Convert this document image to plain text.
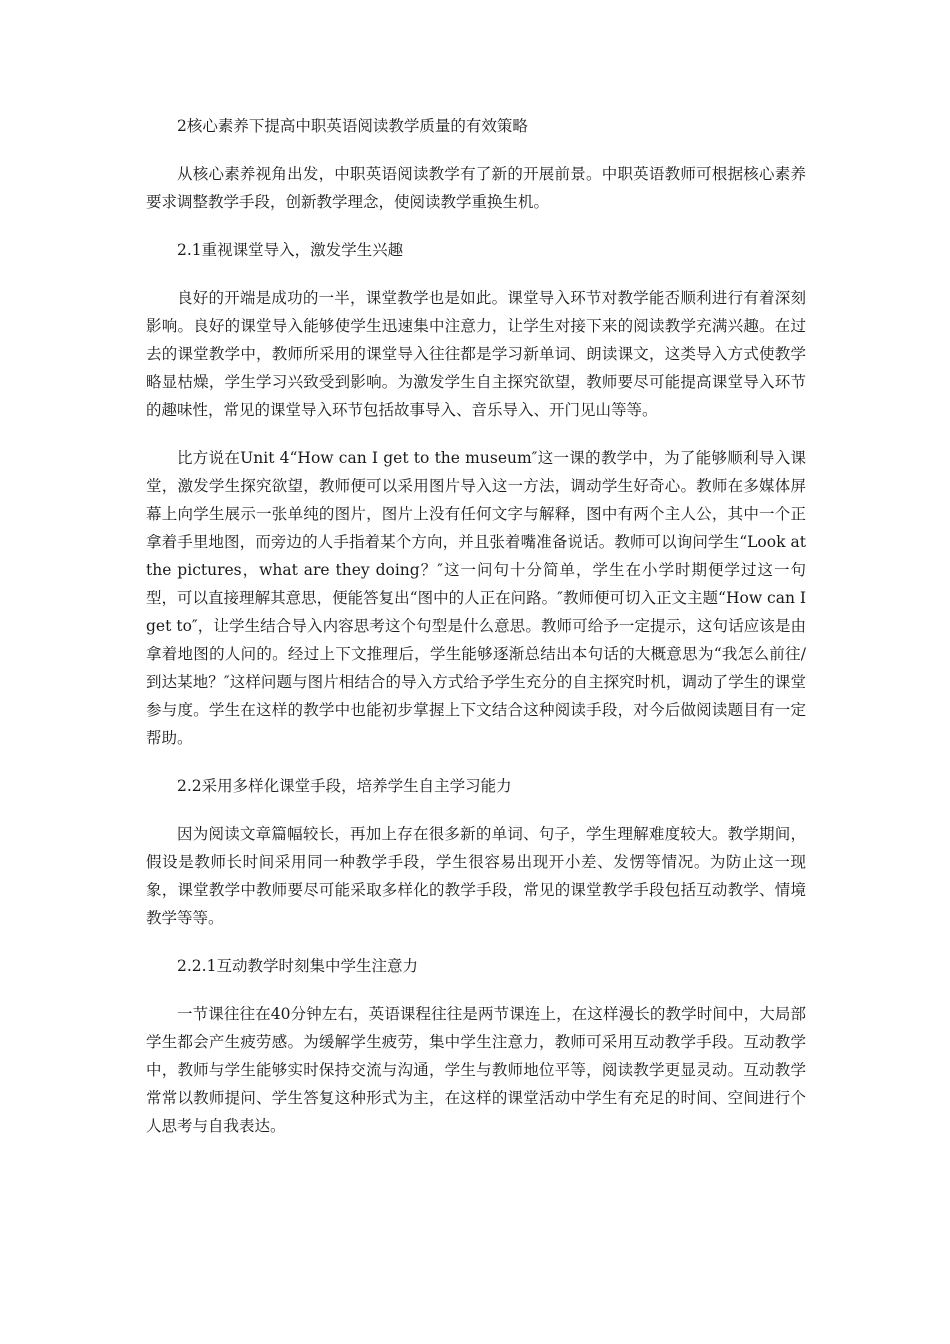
2核心素养下提高中职英语阅读教学质量的有效策略

从核心素养视角出发，中职英语阅读教学有了新的开展前景。中职英语教师可根据核心素养要求调整教学手段，创新教学理念，使阅读教学重换生机。

2.1重视课堂导入，激发学生兴趣

良好的开端是成功的一半，课堂教学也是如此。课堂导入环节对教学能否顺利进行有着深刻影响。良好的课堂导入能够使学生迅速集中注意力，让学生对接下来的阅读教学充满兴趣。在过去的课堂教学中，教师所采用的课堂导入往往都是学习新单词、朗读课文，这类导入方式使教学略显枯燥，学生学习兴致受到影响。为激发学生自主探究欲望，教师要尽可能提高课堂导入环节的趣味性，常见的课堂导入环节包括故事导入、音乐导入、开门见山等等。

比方说在Unit 4“How can I get to the museum″这一课的教学中，为了能够顺利导入课堂，激发学生探究欲望，教师便可以采用图片导入这一方法，调动学生好奇心。教师在多媒体屏幕上向学生展示一张单纯的图片，图片上没有任何文字与解释，图中有两个主人公，其中一个正拿着手里地图，而旁边的人手指着某个方向，并且张着嘴准备说话。教师可以询问学生“Look at the pictures，what are they doing？″这一问句十分简单，学生在小学时期便学过这一句型，可以直接理解其意思，便能答复出“图中的人正在问路。″教师便可切入正文主题“How can I get to″，让学生结合导入内容思考这个句型是什么意思。教师可给予一定提示，这句话应该是由拿着地图的人问的。经过上下文推理后，学生能够逐渐总结出本句话的大概意思为“我怎么前往/到达某地？″这样问题与图片相结合的导入方式给予学生充分的自主探究时机，调动了学生的课堂参与度。学生在这样的教学中也能初步掌握上下文结合这种阅读手段，对今后做阅读题目有一定帮助。

2.2采用多样化课堂手段，培养学生自主学习能力

因为阅读文章篇幅较长，再加上存在很多新的单词、句子，学生理解难度较大。教学期间，假设是教师长时间采用同一种教学手段，学生很容易出现开小差、发愣等情况。为防止这一现象，课堂教学中教师要尽可能采取多样化的教学手段，常见的课堂教学手段包括互动教学、情境教学等等。

2.2.1互动教学时刻集中学生注意力

一节课往往在40分钟左右，英语课程往往是两节课连上，在这样漫长的教学时间中，大局部学生都会产生疲劳感。为缓解学生疲劳，集中学生注意力，教师可采用互动教学手段。互动教学中，教师与学生能够实时保持交流与沟通，学生与教师地位平等，阅读教学更显灵动。互动教学常常以教师提问、学生答复这种形式为主，在这样的课堂活动中学生有充足的时间、空间进行个人思考与自我表达。
